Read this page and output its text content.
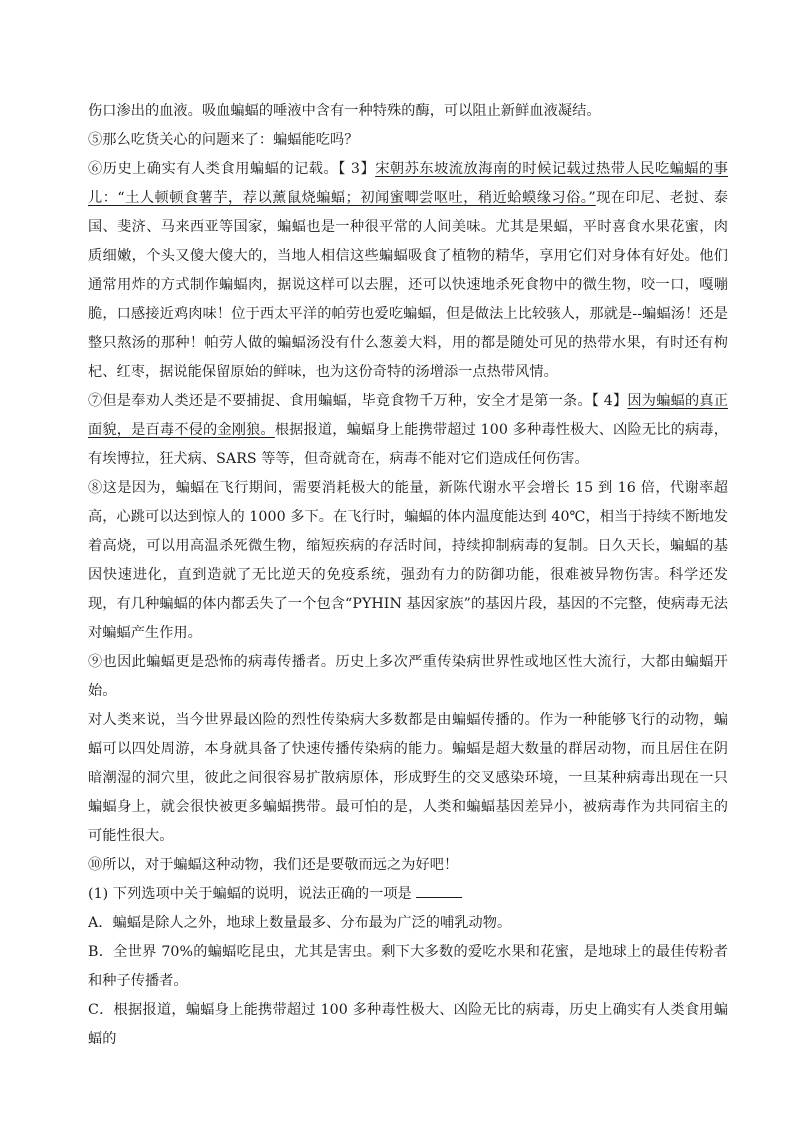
伤口渗出的血液。吸血蝙蝠的唾液中含有一种特殊的酶，可以阻止新鲜血液凝结。

⑤那么吃货关心的问题来了：蝙蝠能吃吗？

⑥历史上确实有人类食用蝙蝠的记载。【 3】宋朝苏东坡流放海南的时候记载过热带人民吃蝙蝠的事儿：“土人顿顿食薯芋，荐以薰鼠烧蝙蝠；初闻蜜唧尝呕吐，稍近蛤蟆缘习俗。”现在印尼、老挝、泰国、斐济、马来西亚等国家，蝙蝠也是一种很平常的人间美味。尤其是果蝠，平时喜食水果花蜜，肉质细嫩，个头又傻大傻大的，当地人相信这些蝙蝠吸食了植物的精华，享用它们对身体有好处。他们通常用炸的方式制作蝙蝠肉，据说这样可以去腥，还可以快速地杀死食物中的微生物，咬一口，嘎嘣脆，口感接近鸡肉味！位于西太平洋的帕劳也爱吃蝙蝠，但是做法上比较骇人，那就是--蝙蝠汤！还是整只熬汤的那种！帕劳人做的蝙蝠汤没有什么葱姜大料，用的都是随处可见的热带水果，有时还有枸杞、红枣，据说能保留原始的鲜味，也为这份奇特的汤增添一点热带风情。

⑦但是奉劝人类还是不要捕捉、食用蝙蝠，毕竟食物千万种，安全才是第一条。【 4】因为蝙蝠的真正面貌，是百毒不侵的金刚狼。根据报道，蝙蝠身上能携带超过 100 多种毒性极大、凶险无比的病毒，有埃博拉，狂犬病、SARS 等等，但奇就奇在，病毒不能对它们造成任何伤害。

⑧这是因为，蝙蝠在飞行期间，需要消耗极大的能量，新陈代谢水平会增长 15 到 16 倍，代谢率超高，心跳可以达到惊人的 1000 多下。在飞行时，蝙蝠的体内温度能达到 40℃，相当于持续不断地发着高烧，可以用高温杀死微生物，缩短疾病的存活时间，持续抑制病毒的复制。日久天长，蝙蝠的基因快速进化，直到造就了无比逆天的免疫系统，强劲有力的防御功能，很难被异物伤害。科学还发现，有几种蝙蝠的体内都丢失了一个包含“PYHIN 基因家族”的基因片段，基因的不完整，使病毒无法对蝙蝠产生作用。

⑨也因此蝙蝠更是恐怖的病毒传播者。历史上多次严重传染病世界性或地区性大流行，大都由蝙蝠开始。

对人类来说，当今世界最凶险的烈性传染病大多数都是由蝙蝠传播的。作为一种能够飞行的动物，蝙蝠可以四处周游，本身就具备了快速传播传染病的能力。蝙蝠是超大数量的群居动物，而且居住在阴暗潮湿的洞穴里，彼此之间很容易扩散病原体，形成野生的交叉感染环境，一旦某种病毒出现在一只蝙蝠身上，就会很快被更多蝙蝠携带。最可怕的是，人类和蝙蝠基因差异小，被病毒作为共同宿主的可能性很大。

⑩所以，对于蝙蝠这种动物，我们还是要敬而远之为好吧！

(1) 下列选项中关于蝙蝠的说明，说法正确的一项是

A．蝙蝠是除人之外，地球上数量最多、分布最为广泛的哺乳动物。

B．全世界 70%的蝙蝠吃昆虫，尤其是害虫。剩下大多数的爱吃水果和花蜜，是地球上的最佳传粉者和种子传播者。

C．根据报道，蝙蝠身上能携带超过 100 多种毒性极大、凶险无比的病毒，历史上确实有人类食用蝙蝠的
